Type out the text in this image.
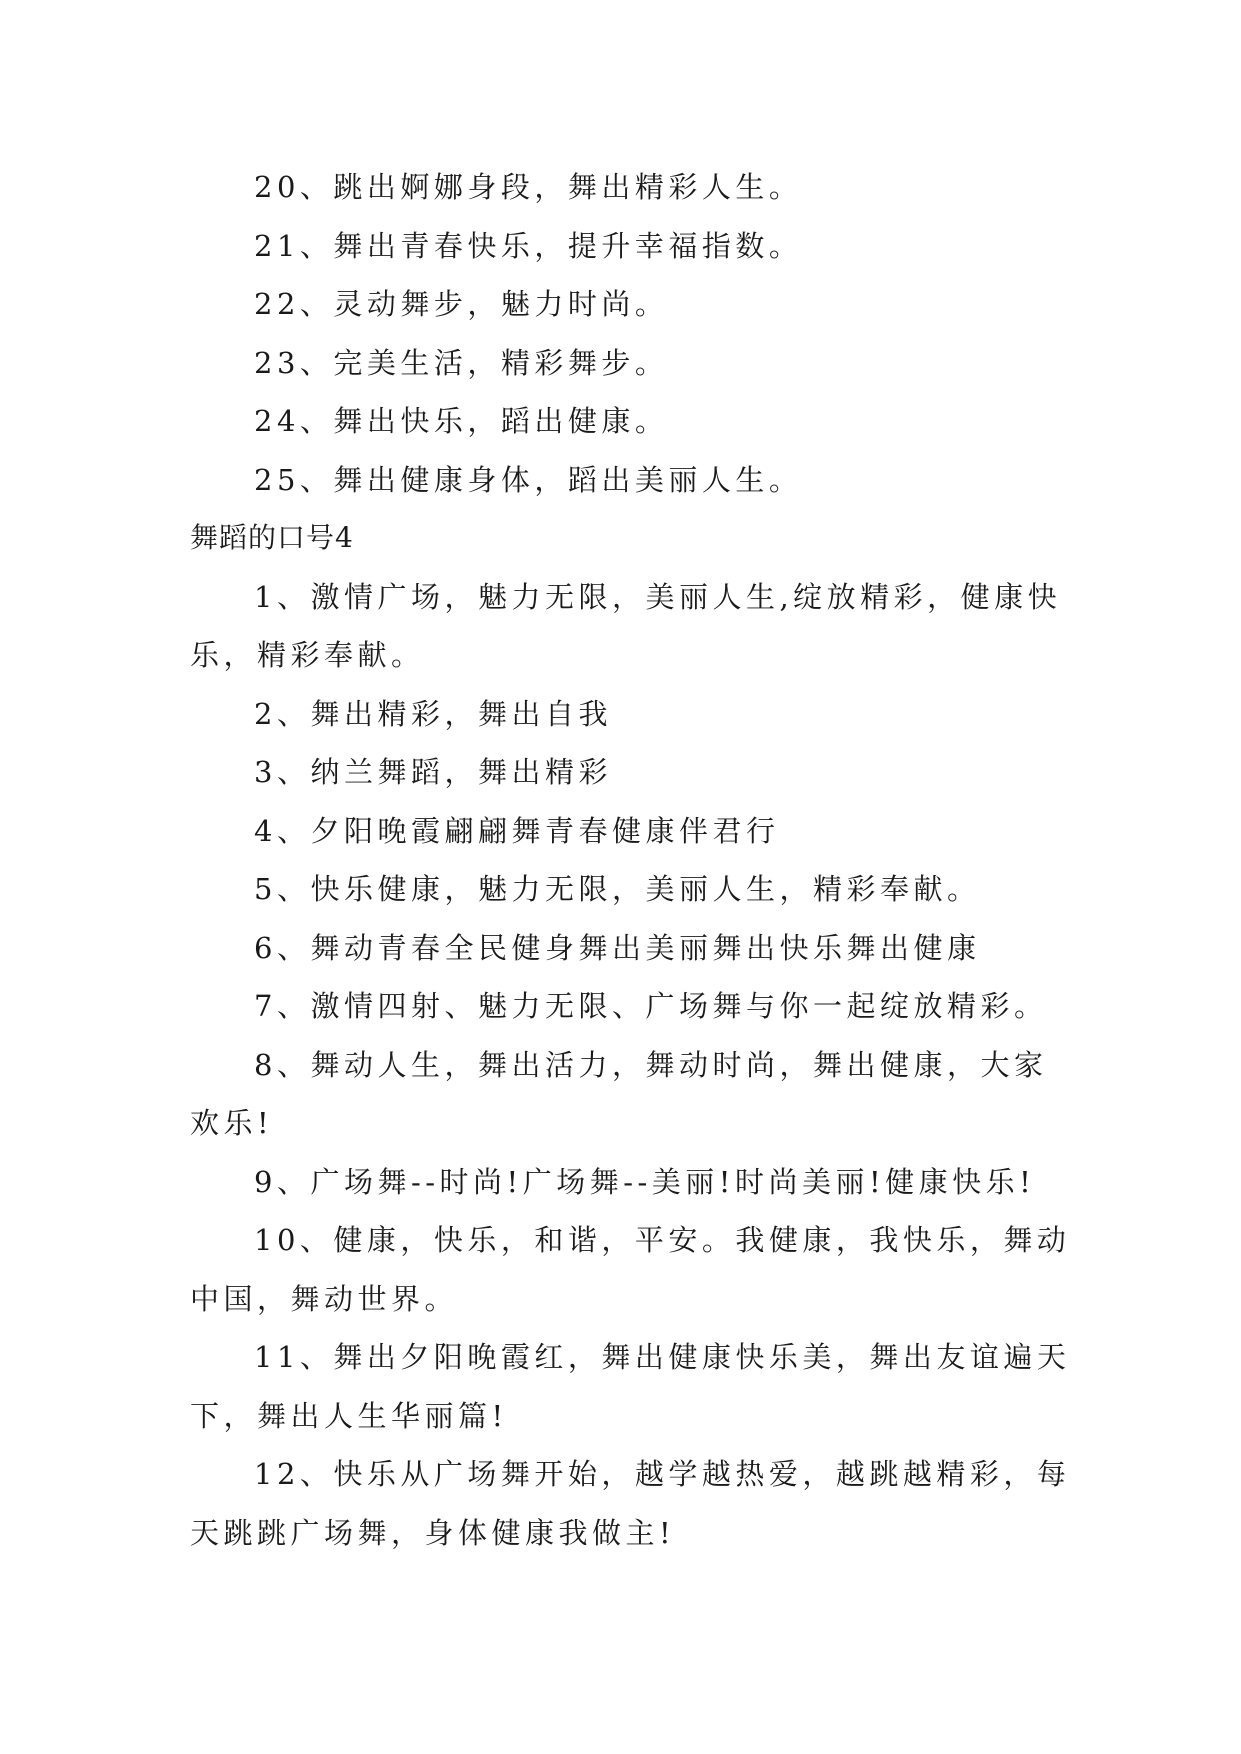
20、跳出婀娜身段，舞出精彩人生。
21、舞出青春快乐，提升幸福指数。
22、灵动舞步，魅力时尚。
23、完美生活，精彩舞步。
24、舞出快乐，蹈出健康。
25、舞出健康身体，蹈出美丽人生。
舞蹈的口号4
1、激情广场，魅力无限，美丽人生,绽放精彩，健康快
乐，精彩奉献。
2、舞出精彩，舞出自我
3、纳兰舞蹈，舞出精彩
4、夕阳晚霞翩翩舞青春健康伴君行
5、快乐健康，魅力无限，美丽人生，精彩奉献。
6、舞动青春全民健身舞出美丽舞出快乐舞出健康
7、激情四射、魅力无限、广场舞与你一起绽放精彩。
8、舞动人生，舞出活力，舞动时尚，舞出健康，大家
欢乐!
9、广场舞--时尚!广场舞--美丽!时尚美丽!健康快乐!
10、健康，快乐，和谐，平安。我健康，我快乐，舞动
中国，舞动世界。
11、舞出夕阳晚霞红，舞出健康快乐美，舞出友谊遍天
下，舞出人生华丽篇!
12、快乐从广场舞开始，越学越热爱，越跳越精彩，每
天跳跳广场舞，身体健康我做主!
